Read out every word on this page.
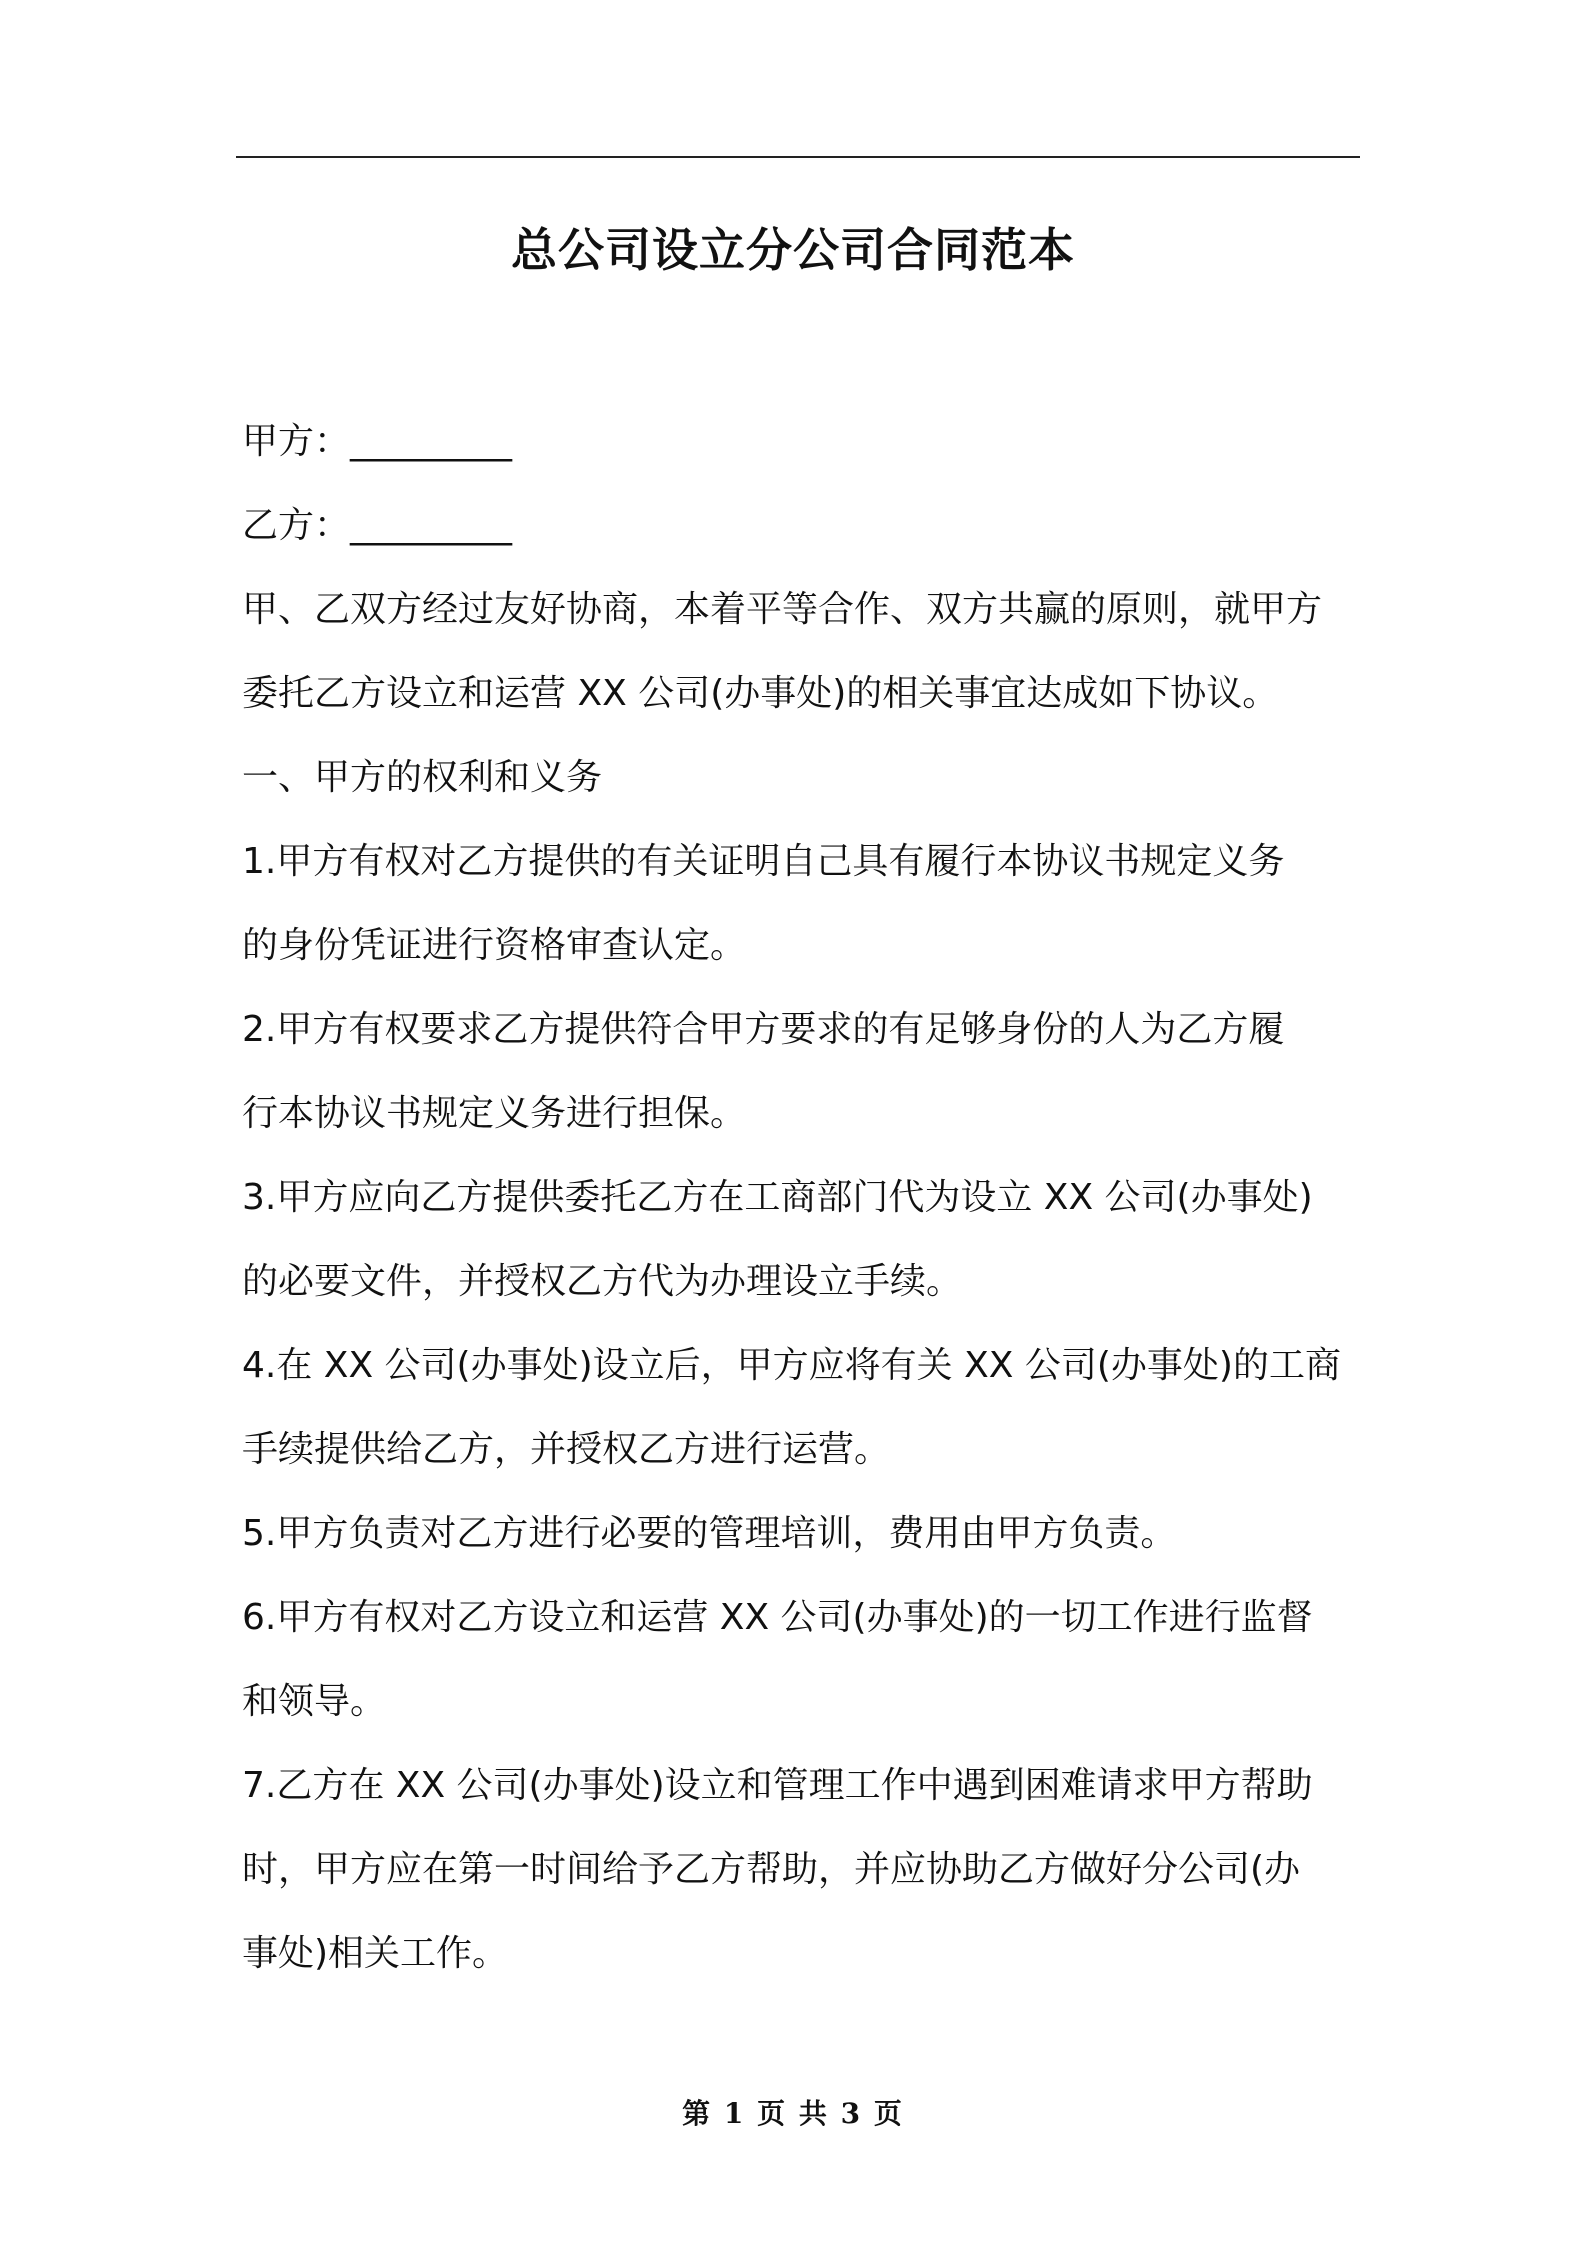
总公司设立分公司合同范本
甲方：_________
乙方：_________
甲、乙双方经过友好协商，本着平等合作、双方共赢的原则，就甲方
委托乙方设立和运营 XX 公司(办事处)的相关事宜达成如下协议。
一、甲方的权利和义务
1.甲方有权对乙方提供的有关证明自己具有履行本协议书规定义务
的身份凭证进行资格审查认定。
2.甲方有权要求乙方提供符合甲方要求的有足够身份的人为乙方履
行本协议书规定义务进行担保。
3.甲方应向乙方提供委托乙方在工商部门代为设立 XX 公司(办事处)
的必要文件，并授权乙方代为办理设立手续。
4.在 XX 公司(办事处)设立后，甲方应将有关 XX 公司(办事处)的工商
手续提供给乙方，并授权乙方进行运营。
5.甲方负责对乙方进行必要的管理培训，费用由甲方负责。
6.甲方有权对乙方设立和运营 XX 公司(办事处)的一切工作进行监督
和领导。
7.乙方在 XX 公司(办事处)设立和管理工作中遇到困难请求甲方帮助
时，甲方应在第一时间给予乙方帮助，并应协助乙方做好分公司(办
事处)相关工作。
第 1 页 共 3 页
